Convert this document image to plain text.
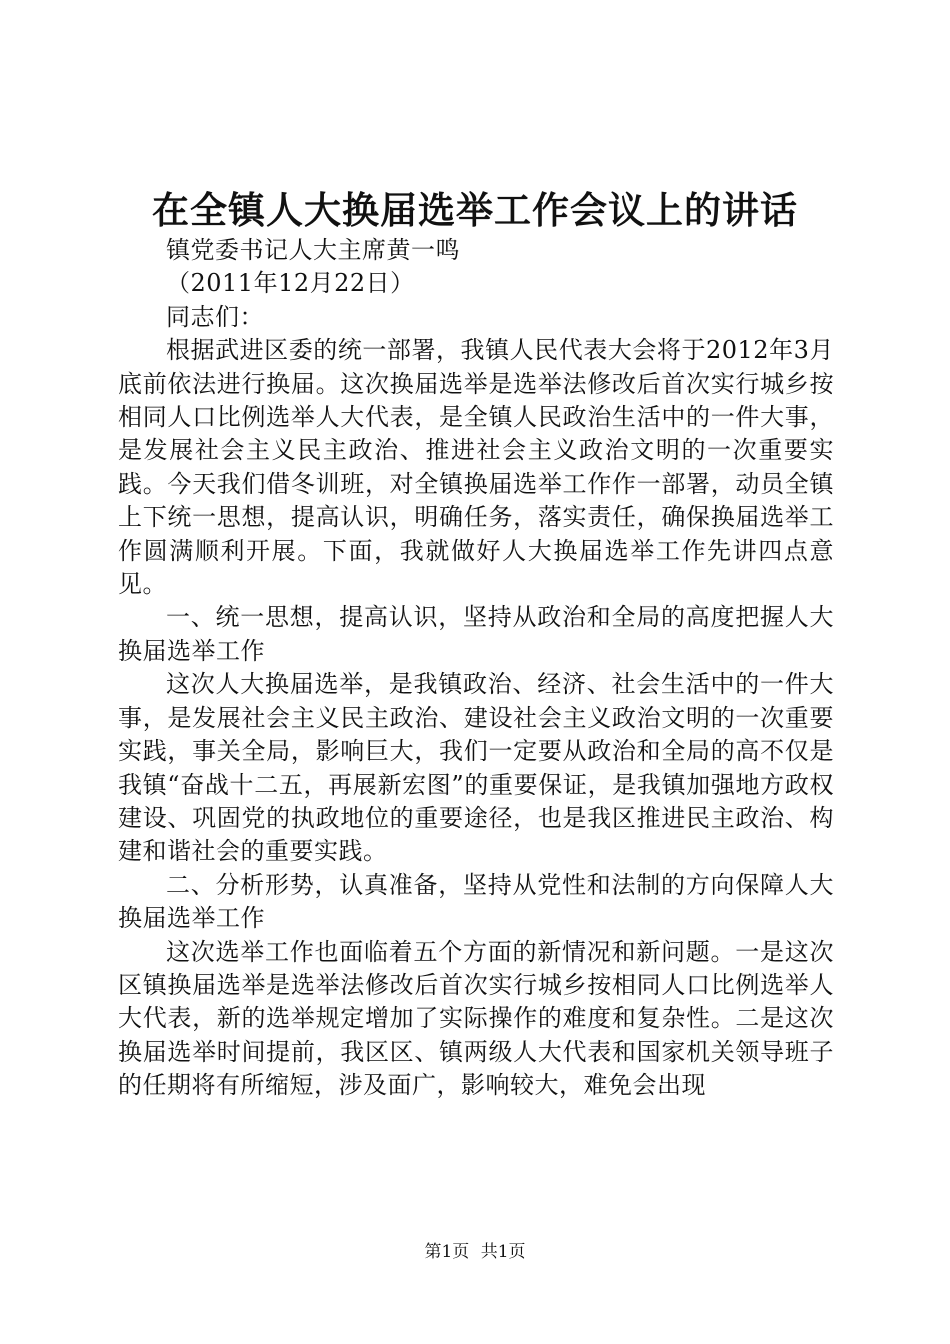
在全镇人大换届选举工作会议上的讲话

镇党委书记人大主席黄一鸣

（2011年12月22日）

同志们：

根据武进区委的统一部署，我镇人民代表大会将于2012年3月底前依法进行换届。这次换届选举是选举法修改后首次实行城乡按相同人口比例选举人大代表，是全镇人民政治生活中的一件大事，是发展社会主义民主政治、推进社会主义政治文明的一次重要实践。今天我们借冬训班，对全镇换届选举工作作一部署，动员全镇上下统一思想，提高认识，明确任务，落实责任，确保换届选举工作圆满顺利开展。下面，我就做好人大换届选举工作先讲四点意见。

一、统一思想，提高认识，坚持从政治和全局的高度把握人大换届选举工作

这次人大换届选举，是我镇政治、经济、社会生活中的一件大事，是发展社会主义民主政治、建设社会主义政治文明的一次重要实践，事关全局，影响巨大，我们一定要从政治和全局的高不仅是我镇“奋战十二五，再展新宏图”的重要保证，是我镇加强地方政权建设、巩固党的执政地位的重要途径，也是我区推进民主政治、构建和谐社会的重要实践。

二、分析形势，认真准备，坚持从党性和法制的方向保障人大换届选举工作

这次选举工作也面临着五个方面的新情况和新问题。一是这次区镇换届选举是选举法修改后首次实行城乡按相同人口比例选举人大代表，新的选举规定增加了实际操作的难度和复杂性。二是这次换届选举时间提前，我区区、镇两级人大代表和国家机关领导班子的任期将有所缩短，涉及面广，影响较大，难免会出现

第1页 共1页
